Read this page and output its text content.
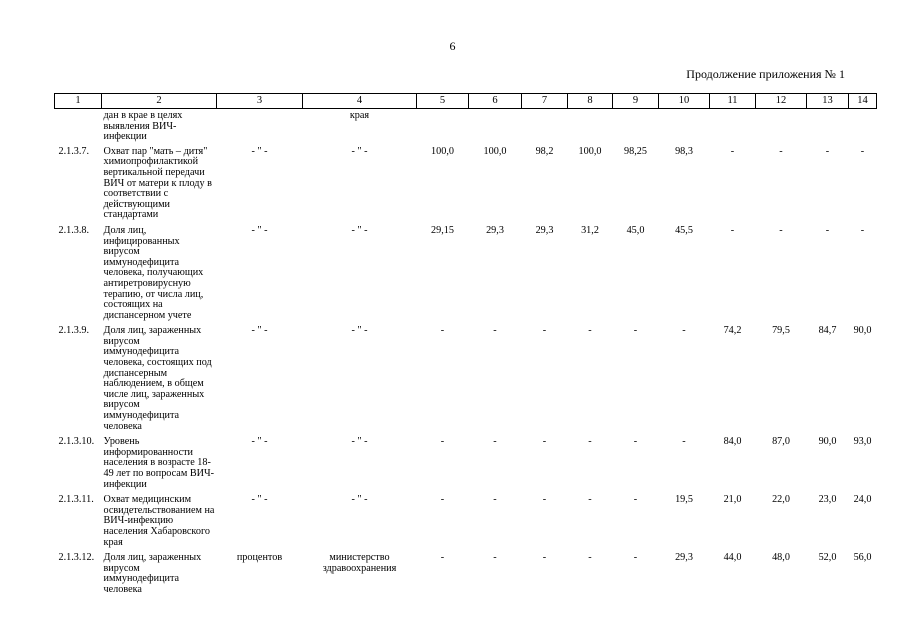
6
Продолжение приложения № 1
1	2	3	4	5	6	7	8	9	10	11	12	13	14
	дан в крае в целях выявления ВИЧ-инфекции		края										
2.1.3.7.	Охват пар "мать – дитя" химиопрофилактикой вертикальной передачи ВИЧ от матери к плоду в соответствии с действующими стандартами	- " -	- " -	100,0	100,0	98,2	100,0	98,25	98,3	-	-	-	-
2.1.3.8.	Доля лиц, инфицированных вирусом иммунодефицита человека, получающих антиретровирусную терапию, от числа лиц, состоящих на диспансерном учете	- " -	- " -	29,15	29,3	29,3	31,2	45,0	45,5	-	-	-	-
2.1.3.9.	Доля лиц, зараженных вирусом иммунодефицита человека, состоящих под диспансерным наблюдением, в общем числе лиц, зараженных вирусом иммунодефицита человека	- " -	- " -	-	-	-	-	-	-	74,2	79,5	84,7	90,0
2.1.3.10.	Уровень информированности населения в возрасте 18-49 лет по вопросам ВИЧ-инфекции	- " -	- " -	-	-	-	-	-	-	84,0	87,0	90,0	93,0
2.1.3.11.	Охват медицинским освидетельствованием на ВИЧ-инфекцию населения Хабаровского края	- " -	- " -	-	-	-	-	-	19,5	21,0	22,0	23,0	24,0
2.1.3.12.	Доля лиц, зараженных вирусом иммунодефицита человека	процентов	министерство здравоохранения	-	-	-	-	-	29,3	44,0	48,0	52,0	56,0
